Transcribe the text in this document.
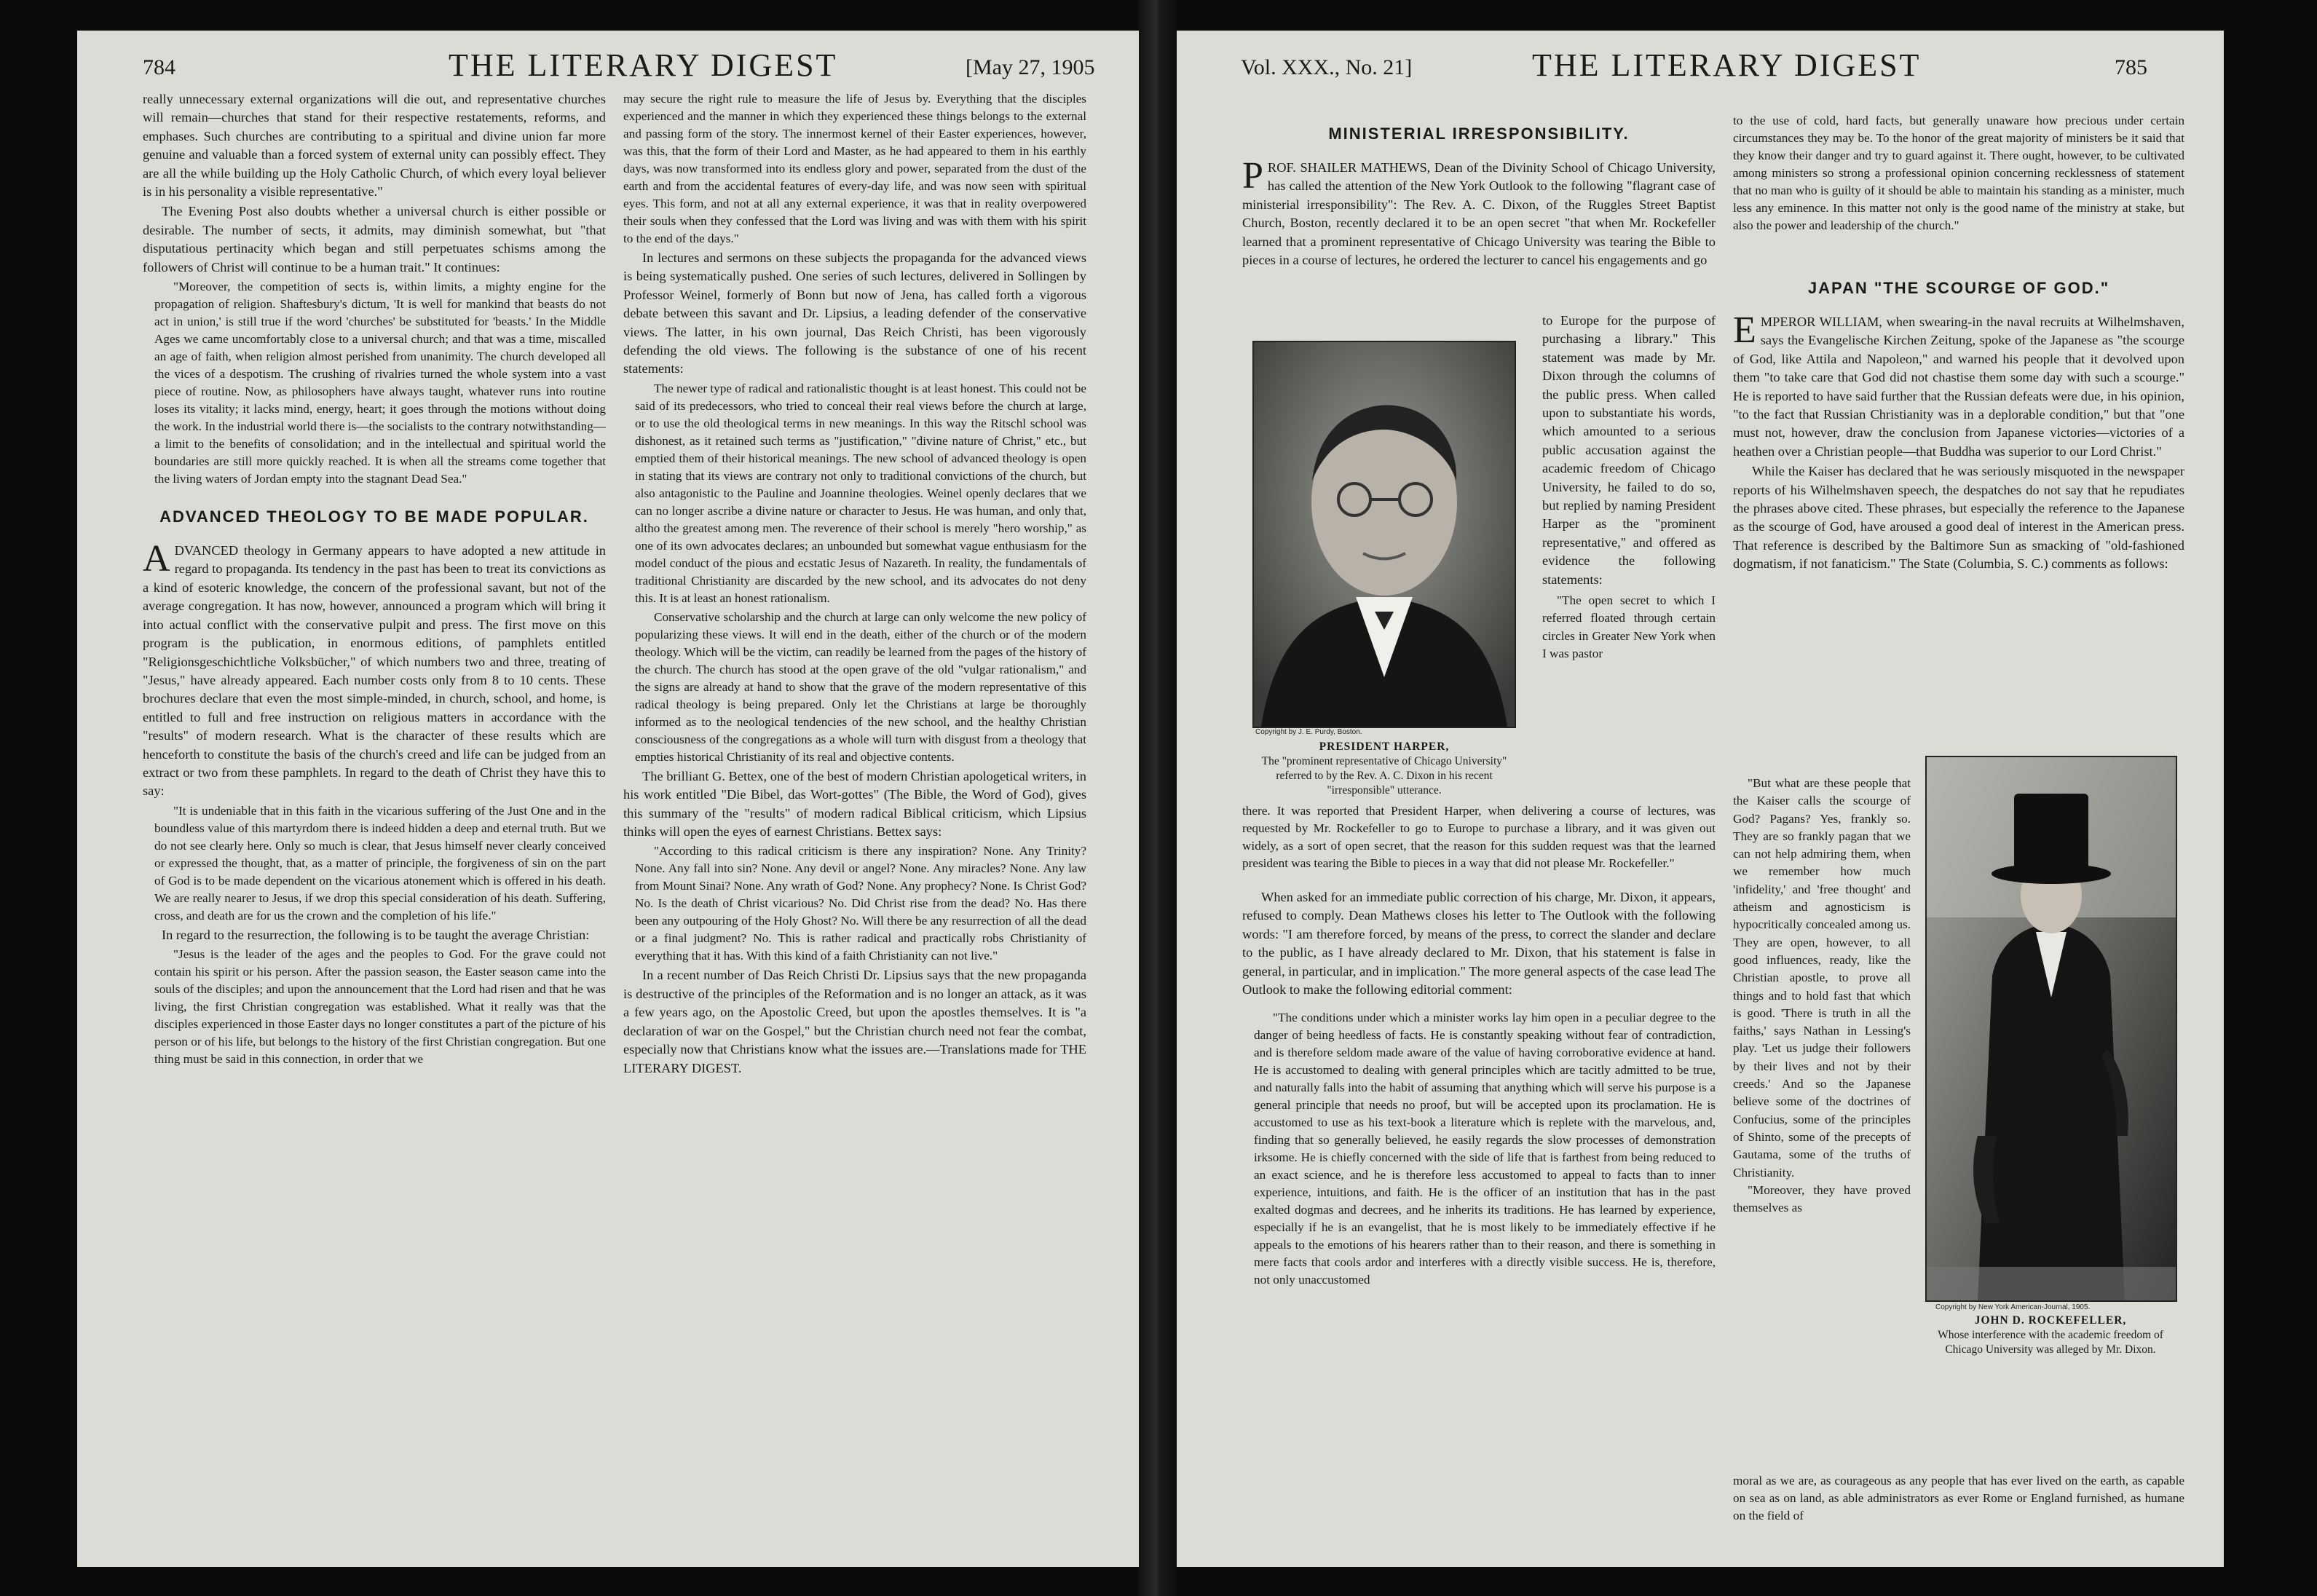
784	THE LITERARY DIGEST	[May 27, 1905

really unnecessary external organizations will die out, and representative churches will remain—churches that stand for their respective restatements, reforms, and emphases. Such churches are contributing to a spiritual and divine union far more genuine and valuable than a forced system of external unity can possibly effect. They are all the while building up the Holy Catholic Church, of which every loyal believer is in his personality a visible representative."

The Evening Post also doubts whether a universal church is either possible or desirable. The number of sects, it admits, may diminish somewhat, but "that disputatious pertinacity which began and still perpetuates schisms among the followers of Christ will continue to be a human trait." It continues:

"Moreover, the competition of sects is, within limits, a mighty engine for the propagation of religion. Shaftesbury's dictum, 'It is well for mankind that beasts do not act in union,' is still true if the word 'churches' be substituted for 'beasts.' In the Middle Ages we came uncomfortably close to a universal church; and that was a time, miscalled an age of faith, when religion almost perished from unanimity. The church developed all the vices of a despotism. The crushing of rivalries turned the whole system into a vast piece of routine. Now, as philosophers have always taught, whatever runs into routine loses its vitality; it lacks mind, energy, heart; it goes through the motions without doing the work. In the industrial world there is—the socialists to the contrary notwithstanding—a limit to the benefits of consolidation; and in the intellectual and spiritual world the boundaries are still more quickly reached. It is when all the streams come together that the living waters of Jordan empty into the stagnant Dead Sea."

ADVANCED THEOLOGY TO BE MADE POPULAR.

ADVANCED theology in Germany appears to have adopted a new attitude in regard to propaganda. Its tendency in the past has been to treat its convictions as a kind of esoteric knowledge, the concern of the professional savant, but not of the average congregation. It has now, however, announced a program which will bring it into actual conflict with the conservative pulpit and press. The first move on this program is the publication, in enormous editions, of pamphlets entitled "Religionsgeschichtliche Volksbücher," of which numbers two and three, treating of "Jesus," have already appeared. Each number costs only from 8 to 10 cents. These brochures declare that even the most simple-minded, in church, school, and home, is entitled to full and free instruction on religious matters in accordance with the "results" of modern research. What is the character of these results which are henceforth to constitute the basis of the church's creed and life can be judged from an extract or two from these pamphlets. In regard to the death of Christ they have this to say:

"It is undeniable that in this faith in the vicarious suffering of the Just One and in the boundless value of this martyrdom there is indeed hidden a deep and eternal truth. But we do not see clearly here. Only so much is clear, that Jesus himself never clearly conceived or expressed the thought, that, as a matter of principle, the forgiveness of sin on the part of God is to be made dependent on the vicarious atonement which is offered in his death. We are really nearer to Jesus, if we drop this special consideration of his death. Suffering, cross, and death are for us the crown and the completion of his life."

In regard to the resurrection, the following is to be taught the average Christian:

"Jesus is the leader of the ages and the peoples to God. For the grave could not contain his spirit or his person. After the passion season, the Easter season came into the souls of the disciples; and upon the announcement that the Lord had risen and that he was living, the first Christian congregation was established. What it really was that the disciples experienced in those Easter days no longer constitutes a part of the picture of his person or of his life, but belongs to the history of the first Christian congregation. But one thing must be said in this connection, in order that we

may secure the right rule to measure the life of Jesus by. Everything that the disciples experienced and the manner in which they experienced these things belongs to the external and passing form of the story. The innermost kernel of their Easter experiences, however, was this, that the form of their Lord and Master, as he had appeared to them in his earthly days, was now transformed into its endless glory and power, separated from the dust of the earth and from the accidental features of every-day life, and was now seen with spiritual eyes. This form, and not at all any external experience, it was that in reality overpowered their souls when they confessed that the Lord was living and was with them with his spirit to the end of the days."

In lectures and sermons on these subjects the propaganda for the advanced views is being systematically pushed. One series of such lectures, delivered in Sollingen by Professor Weinel, formerly of Bonn but now of Jena, has called forth a vigorous debate between this savant and Dr. Lipsius, a leading defender of the conservative views. The latter, in his own journal, Das Reich Christi, has been vigorously defending the old views. The following is the substance of one of his recent statements:

The newer type of radical and rationalistic thought is at least honest. This could not be said of its predecessors, who tried to conceal their real views before the church at large, or to use the old theological terms in new meanings. In this way the Ritschl school was dishonest, as it retained such terms as "justification," "divine nature of Christ," etc., but emptied them of their historical meanings. The new school of advanced theology is open in stating that its views are contrary not only to traditional convictions of the church, but also antagonistic to the Pauline and Joannine theologies. Weinel openly declares that we can no longer ascribe a divine nature or character to Jesus. He was human, and only that, altho the greatest among men. The reverence of their school is merely "hero worship," as one of its own advocates declares; an unbounded but somewhat vague enthusiasm for the model conduct of the pious and ecstatic Jesus of Nazareth. In reality, the fundamentals of traditional Christianity are discarded by the new school, and its advocates do not deny this. It is at least an honest rationalism.

Conservative scholarship and the church at large can only welcome the new policy of popularizing these views. It will end in the death, either of the church or of the modern theology. Which will be the victim, can readily be learned from the pages of the history of the church. The church has stood at the open grave of the old "vulgar rationalism," and the signs are already at hand to show that the grave of the modern representative of this radical theology is being prepared. Only let the Christians at large be thoroughly informed as to the neological tendencies of the new school, and the healthy Christian consciousness of the congregations as a whole will turn with disgust from a theology that empties historical Christianity of its real and objective contents.

The brilliant G. Bettex, one of the best of modern Christian apologetical writers, in his work entitled "Die Bibel, das Wort-gottes" (The Bible, the Word of God), gives this summary of the "results" of modern radical Biblical criticism, which Lipsius thinks will open the eyes of earnest Christians. Bettex says:

"According to this radical criticism is there any inspiration? None. Any Trinity? None. Any fall into sin? None. Any devil or angel? None. Any miracles? None. Any law from Mount Sinai? None. Any wrath of God? None. Any prophecy? None. Is Christ God? No. Is the death of Christ vicarious? No. Did Christ rise from the dead? No. Has there been any outpouring of the Holy Ghost? No. Will there be any resurrection of all the dead or a final judgment? No. This is rather radical and practically robs Christianity of everything that it has. With this kind of a faith Christianity can not live."

In a recent number of Das Reich Christi Dr. Lipsius says that the new propaganda is destructive of the principles of the Reformation and is no longer an attack, as it was a few years ago, on the Apostolic Creed, but upon the apostles themselves. It is "a declaration of war on the Gospel," but the Christian church need not fear the combat, especially now that Christians know what the issues are.—Translations made for THE LITERARY DIGEST.

Vol. XXX., No. 21]	THE LITERARY DIGEST	785
MINISTERIAL IRRESPONSIBILITY.

PROF. SHAILER MATHEWS, Dean of the Divinity School of Chicago University, has called the attention of the New York Outlook to the following "flagrant case of ministerial irresponsibility": The Rev. A. C. Dixon, of the Ruggles Street Baptist Church, Boston, recently declared it to be an open secret "that when Mr. Rockefeller learned that a prominent representative of Chicago University was tearing the Bible to pieces in a course of lectures, he ordered the lecturer to cancel his engagements and go

Copyright by J. E. Purdy, Boston.
PRESIDENT HARPER,
The "prominent representative of Chicago University" referred to by the Rev. A. C. Dixon in his recent "irresponsible" utterance.

to Europe for the purpose of purchasing a library." This statement was made by Mr. Dixon through the columns of the public press. When called upon to substantiate his words, which amounted to a serious public accusation against the academic freedom of Chicago University, he failed to do so, but replied by naming President Harper as the "prominent representative," and offered as evidence the following statements:

"The open secret to which I referred floated through certain circles in Greater New York when I was pastor

there. It was reported that President Harper, when delivering a course of lectures, was requested by Mr. Rockefeller to go to Europe to purchase a library, and it was given out widely, as a sort of open secret, that the reason for this sudden request was that the learned president was tearing the Bible to pieces in a way that did not please Mr. Rockefeller."

When asked for an immediate public correction of his charge, Mr. Dixon, it appears, refused to comply. Dean Mathews closes his letter to The Outlook with the following words: "I am therefore forced, by means of the press, to correct the slander and declare to the public, as I have already declared to Mr. Dixon, that his statement is false in general, in particular, and in implication." The more general aspects of the case lead The Outlook to make the following editorial comment:

"The conditions under which a minister works lay him open in a peculiar degree to the danger of being heedless of facts. He is constantly speaking without fear of contradiction, and is therefore seldom made aware of the value of having corroborative evidence at hand. He is accustomed to dealing with general principles which are tacitly admitted to be true, and naturally falls into the habit of assuming that anything which will serve his purpose is a general principle that needs no proof, but will be accepted upon its proclamation. He is accustomed to use as his text-book a literature which is replete with the marvelous, and, finding that so generally believed, he easily regards the slow processes of demonstration irksome. He is chiefly concerned with the side of life that is farthest from being reduced to an exact science, and he is therefore less accustomed to appeal to facts than to inner experience, intuitions, and faith. He is the officer of an institution that has in the past exalted dogmas and decrees, and he inherits its traditions. He has learned by experience, especially if he is an evangelist, that he is most likely to be immediately effective if he appeals to the emotions of his hearers rather than to their reason, and there is something in mere facts that cools ardor and interferes with a directly visible success. He is, therefore, not only unaccustomed

to the use of cold, hard facts, but generally unaware how precious under certain circumstances they may be. To the honor of the great majority of ministers be it said that they know their danger and try to guard against it. There ought, however, to be cultivated among ministers so strong a professional opinion concerning recklessness of statement that no man who is guilty of it should be able to maintain his standing as a minister, much less any eminence. In this matter not only is the good name of the ministry at stake, but also the power and leadership of the church."

JAPAN "THE SCOURGE OF GOD."

EMPEROR WILLIAM, when swearing-in the naval recruits at Wilhelmshaven, says the Evangelische Kirchen Zeitung, spoke of the Japanese as "the scourge of God, like Attila and Napoleon," and warned his people that it devolved upon them "to take care that God did not chastise them some day with such a scourge." He is reported to have said further that the Russian defeats were due, in his opinion, "to the fact that Russian Christianity was in a deplorable condition," but that "one must not, however, draw the conclusion from Japanese victories—victories of a heathen over a Christian people—that Buddha was superior to our Lord Christ."

While the Kaiser has declared that he was seriously misquoted in the newspaper reports of his Wilhelmshaven speech, the despatches do not say that he repudiates the phrases above cited. These phrases, but especially the reference to the Japanese as the scourge of God, have aroused a good deal of interest in the American press. That reference is described by the Baltimore Sun as smacking of "old-fashioned dogmatism, if not fanaticism." The State (Columbia, S. C.) comments as follows:

Copyright by New York American-Journal, 1905.
JOHN D. ROCKEFELLER,
Whose interference with the academic freedom of Chicago University was alleged by Mr. Dixon.

"But what are these people that the Kaiser calls the scourge of God? Pagans? Yes, frankly so. They are so frankly pagan that we can not help admiring them, when we remember how much 'infidelity,' and 'free thought' and atheism and agnosticism is hypocritically concealed among us. They are open, however, to all good influences, ready, like the Christian apostle, to prove all things and to hold fast that which is good. 'There is truth in all the faiths,' says Nathan in Lessing's play. 'Let us judge their followers by their lives and not by their creeds.' And so the Japanese believe some of the doctrines of Confucius, some of the principles of Shinto, some of the precepts of Gautama, some of the truths of Christianity.

"Moreover, they have proved themselves as

moral as we are, as courageous as any people that has ever lived on the earth, as capable on sea as on land, as able administrators as ever Rome or England furnished, as humane on the field of
